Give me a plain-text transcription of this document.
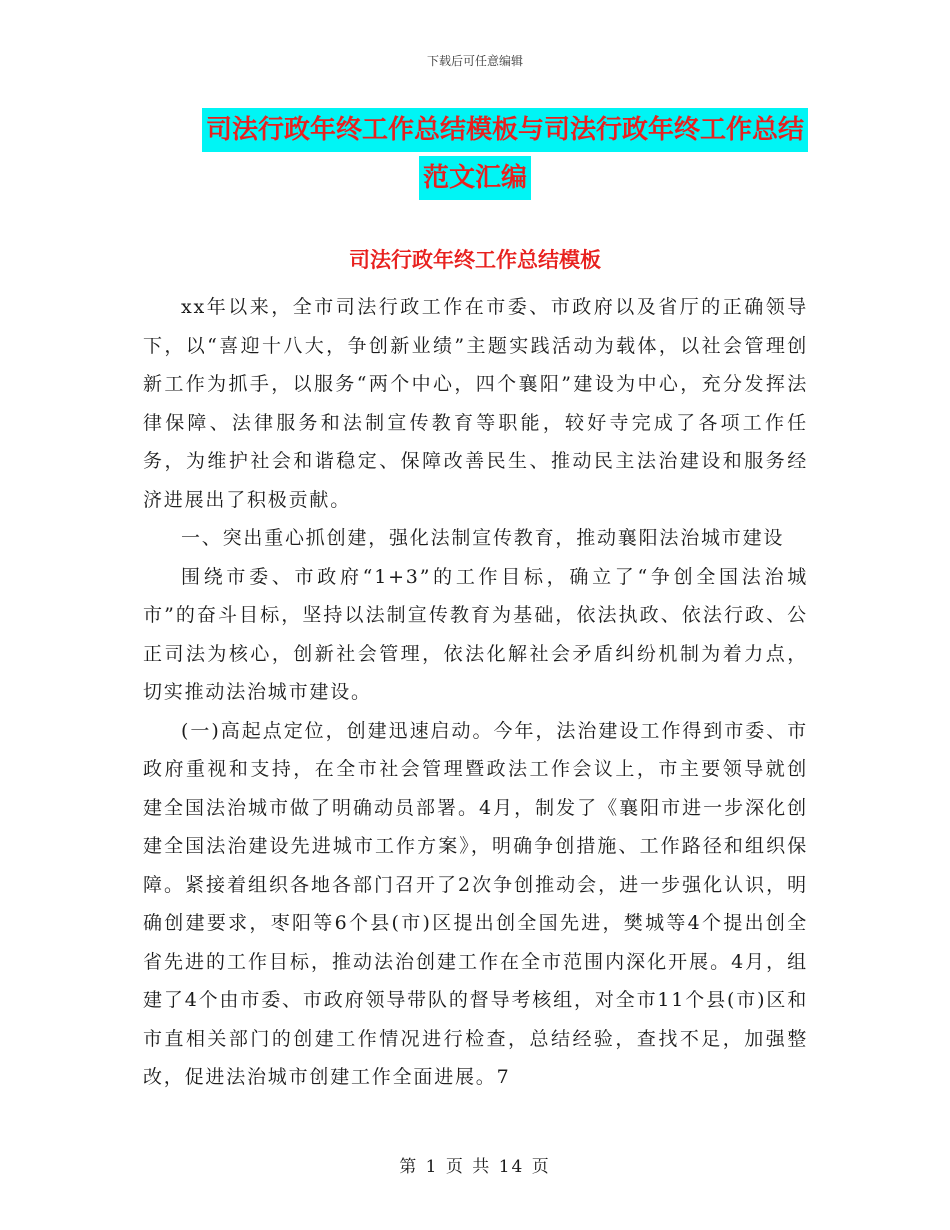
下载后可任意编辑
司法行政年终工作总结模板与司法行政年终工作总结
范文汇编
司法行政年终工作总结模板

xx年以来，全市司法行政工作在市委、市政府以及省厅的正确领导下，以“喜迎十八大，争创新业绩”主题实践活动为载体，以社会管理创新工作为抓手，以服务“两个中心，四个襄阳”建设为中心，充分发挥法律保障、法律服务和法制宣传教育等职能，较好寺完成了各项工作任务，为维护社会和谐稳定、保障改善民生、推动民主法治建设和服务经济进展出了积极贡献。

一、突出重心抓创建，强化法制宣传教育，推动襄阳法治城市建设

围绕市委、市政府“1+3”的工作目标，确立了“争创全国法治城市”的奋斗目标，坚持以法制宣传教育为基础，依法执政、依法行政、公正司法为核心，创新社会管理，依法化解社会矛盾纠纷机制为着力点，切实推动法治城市建设。

(一)高起点定位，创建迅速启动。今年，法治建设工作得到市委、市政府重视和支持，在全市社会管理暨政法工作会议上，市主要领导就创建全国法治城市做了明确动员部署。4月，制发了《襄阳市进一步深化创建全国法治建设先进城市工作方案》，明确争创措施、工作路径和组织保障。紧接着组织各地各部门召开了2次争创推动会，进一步强化认识，明确创建要求，枣阳等6个县(市)区提出创全国先进，樊城等4个提出创全省先进的工作目标，推动法治创建工作在全市范围内深化开展。4月，组建了4个由市委、市政府领导带队的督导考核组，对全市11个县(市)区和市直相关部门的创建工作情况进行检查，总结经验，查找不足，加强整改，促进法治城市创建工作全面进展。7

第 1 页 共 14 页
